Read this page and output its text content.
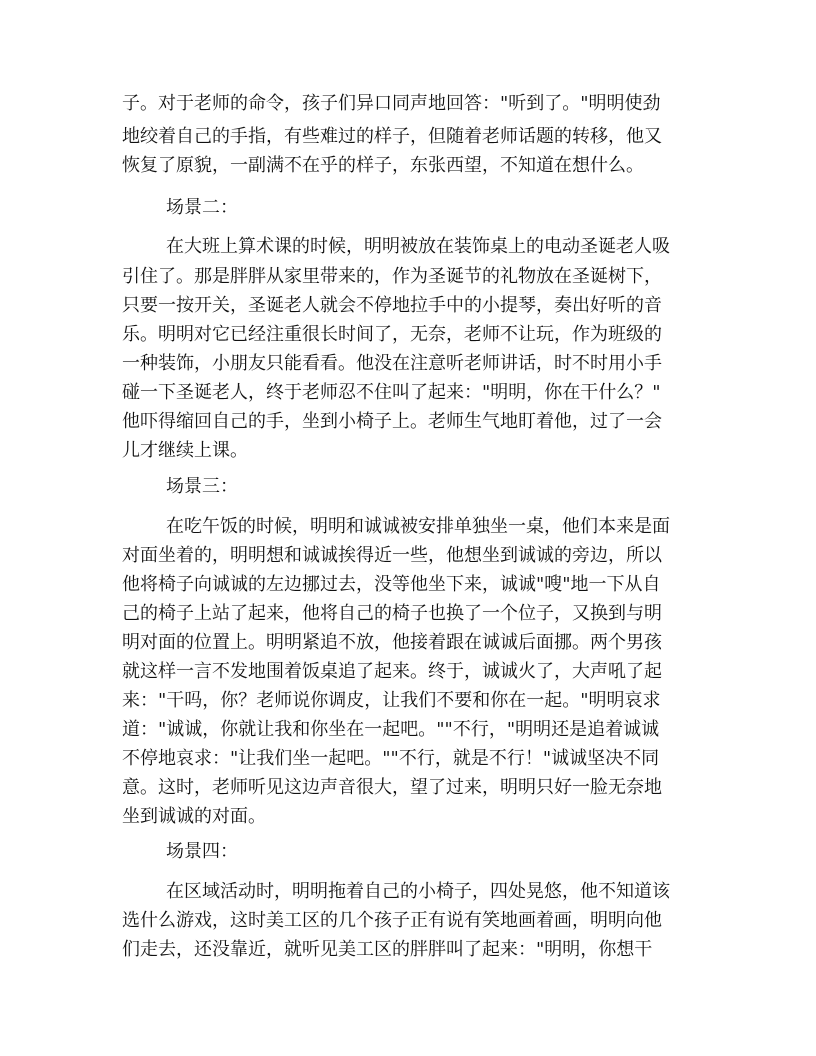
子。对于老师的命令，孩子们异口同声地回答："听到了。"明明使劲
地绞着自己的手指，有些难过的样子，但随着老师话题的转移，他又
恢复了原貌，一副满不在乎的样子，东张西望，不知道在想什么。
场景二：
在大班上算术课的时候，明明被放在装饰桌上的电动圣诞老人吸
引住了。那是胖胖从家里带来的，作为圣诞节的礼物放在圣诞树下，
只要一按开关，圣诞老人就会不停地拉手中的小提琴，奏出好听的音
乐。明明对它已经注重很长时间了，无奈，老师不让玩，作为班级的
一种装饰，小朋友只能看看。他没在注意听老师讲话，时不时用小手
碰一下圣诞老人，终于老师忍不住叫了起来："明明，你在干什么？"
他吓得缩回自己的手，坐到小椅子上。老师生气地盯着他，过了一会
儿才继续上课。
场景三：
在吃午饭的时候，明明和诚诚被安排单独坐一桌，他们本来是面
对面坐着的，明明想和诚诚挨得近一些，他想坐到诚诚的旁边，所以
他将椅子向诚诚的左边挪过去，没等他坐下来，诚诚"嗖"地一下从自
己的椅子上站了起来，他将自己的椅子也换了一个位子，又换到与明
明对面的位置上。明明紧追不放，他接着跟在诚诚后面挪。两个男孩
就这样一言不发地围着饭桌追了起来。终于，诚诚火了，大声吼了起
来："干吗，你？老师说你调皮，让我们不要和你在一起。"明明哀求
道："诚诚，你就让我和你坐在一起吧。""不行，"明明还是追着诚诚
不停地哀求："让我们坐一起吧。""不行，就是不行！"诚诚坚决不同
意。这时，老师听见这边声音很大，望了过来，明明只好一脸无奈地
坐到诚诚的对面。
场景四：
在区域活动时，明明拖着自己的小椅子，四处晃悠，他不知道该
选什么游戏，这时美工区的几个孩子正有说有笑地画着画，明明向他
们走去，还没靠近，就听见美工区的胖胖叫了起来："明明，你想干
